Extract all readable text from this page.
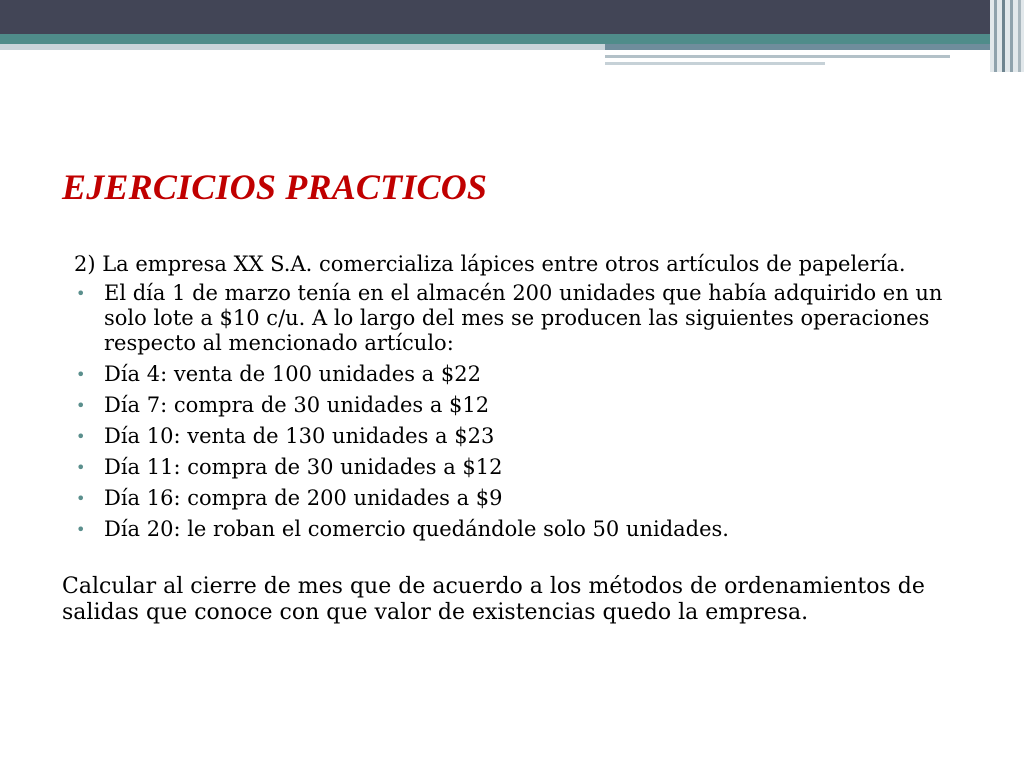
EJERCICIOS PRACTICOS

2) La empresa XX S.A. comercializa lápices entre otros artículos de papelería.

• El día 1 de marzo tenía en el almacén 200 unidades que había adquirido en un solo lote a $10 c/u. A lo largo del mes se producen las siguientes operaciones respecto al mencionado artículo:
• Día 4: venta de 100 unidades a $22
• Día 7: compra de 30 unidades a $12
• Día 10: venta de 130 unidades a $23
• Día 11: compra de 30 unidades a $12
• Día 16: compra de 200 unidades a $9
• Día 20: le roban el comercio quedándole solo 50 unidades.

Calcular al cierre de mes que de acuerdo a los métodos de ordenamientos de salidas que conoce con que valor de existencias quedo la empresa.
